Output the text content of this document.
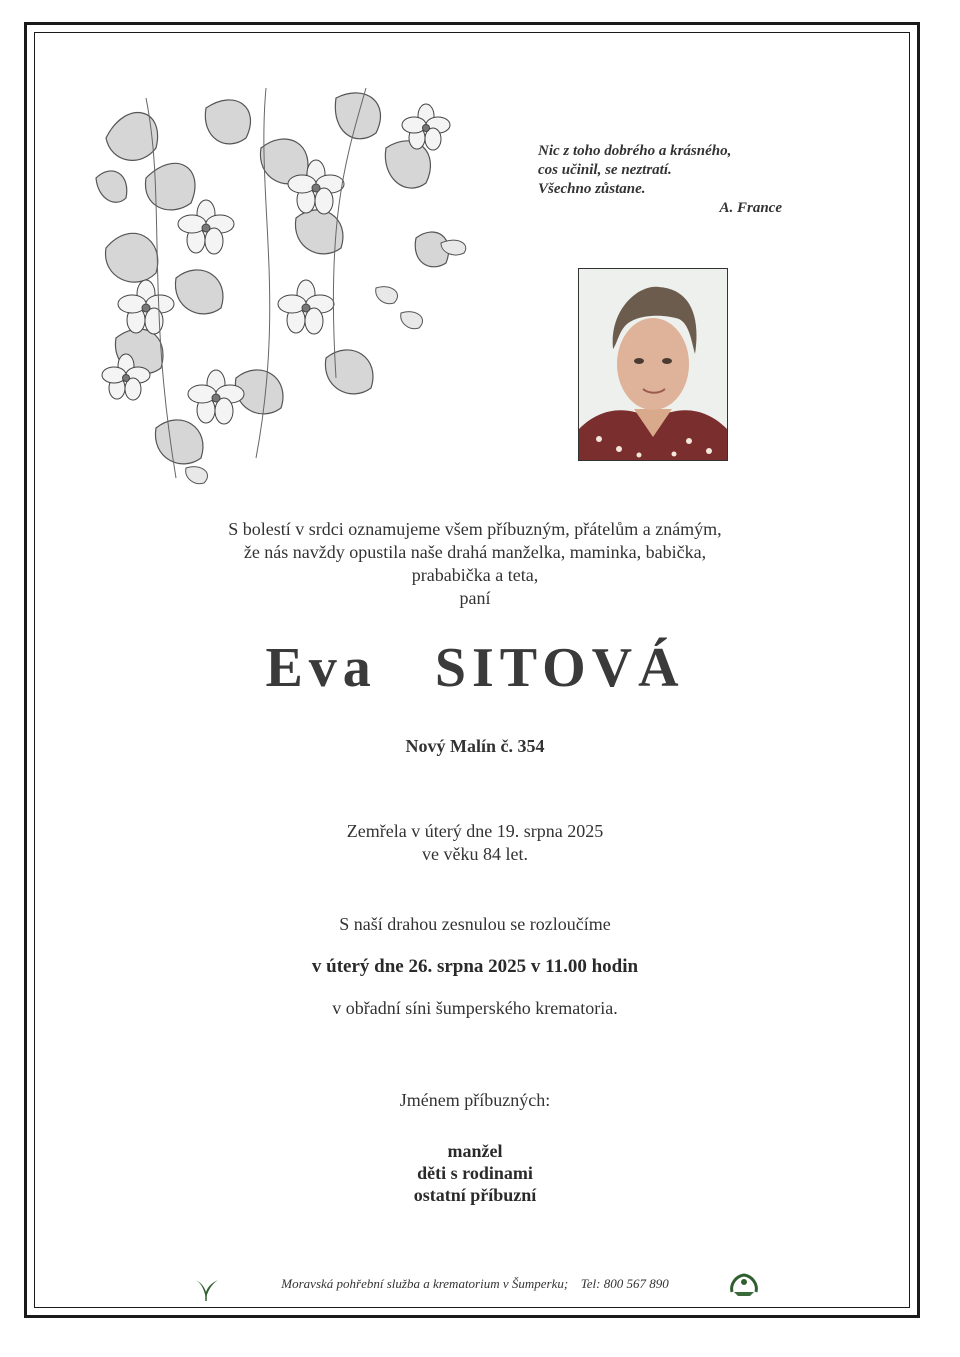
Nic z toho dobrého a krásného,
cos učinil, se neztratí.
Všechno zůstane.
A. France
S bolestí v srdci oznamujeme všem příbuzným, přátelům a známým,
že nás navždy opustila naše drahá manželka, maminka, babička,
prababička a teta,
paní
Eva SITOVÁ
Nový Malín č. 354
Zemřela v úterý dne 19. srpna 2025
ve věku 84 let.
S naší drahou zesnulou se rozloučíme
v úterý dne 26. srpna 2025 v 11.00 hodin
v obřadní síni šumperského krematoria.
Jménem příbuzných:
manžel
děti s rodinami
ostatní příbuzní
Moravská pohřební služba a krematorium v Šumperku; Tel: 800 567 890
